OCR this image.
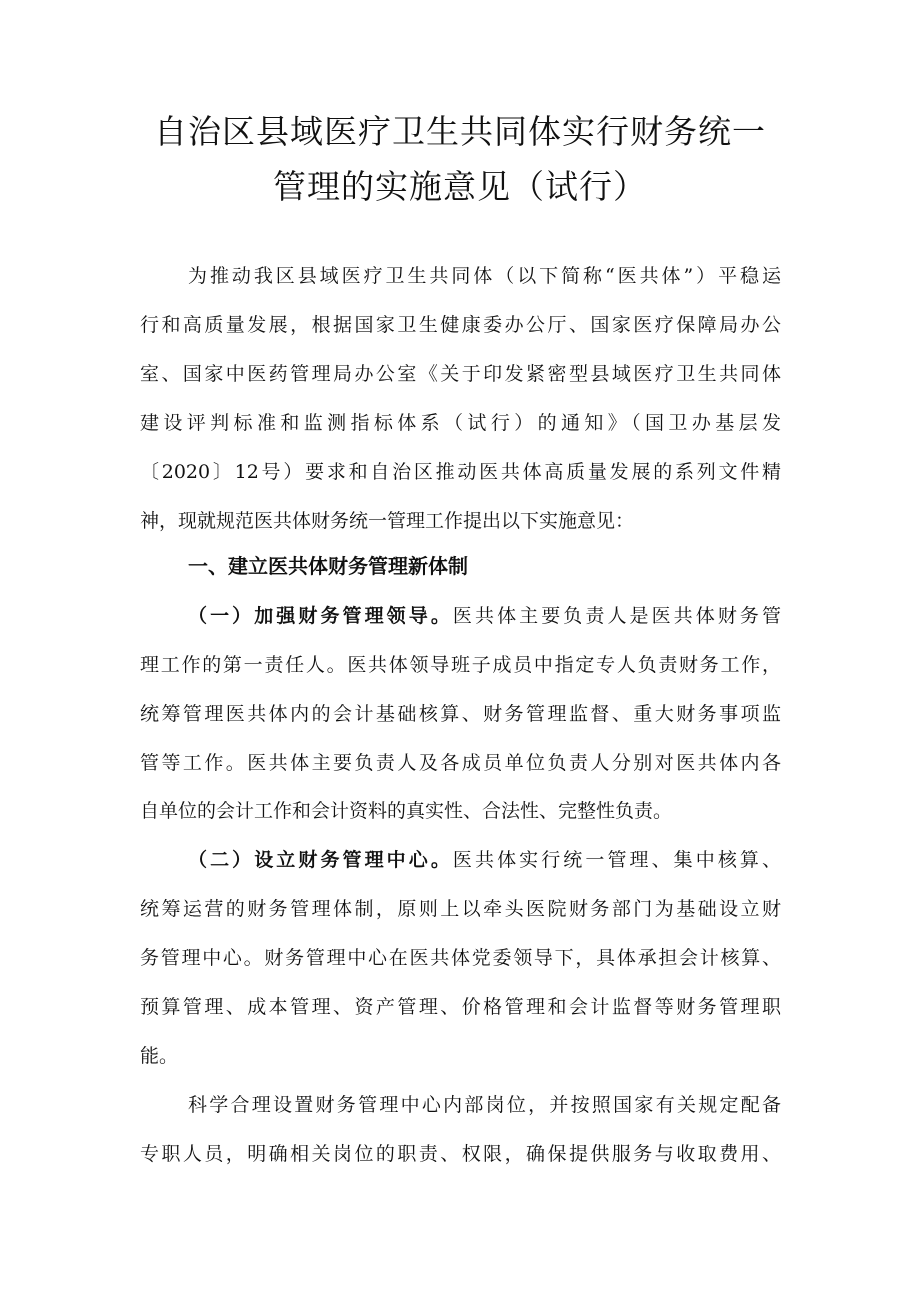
自治区县域医疗卫生共同体实行财务统一
管理的实施意见（试行）
为推动我区县域医疗卫生共同体（以下简称“医共体”）平稳运
行和高质量发展，根据国家卫生健康委办公厅、国家医疗保障局办公
室、国家中医药管理局办公室《关于印发紧密型县域医疗卫生共同体
建设评判标准和监测指标体系（试行）的通知》（国卫办基层发
〔2020〕12号）要求和自治区推动医共体高质量发展的系列文件精
神，现就规范医共体财务统一管理工作提出以下实施意见：
一、建立医共体财务管理新体制
（一）加强财务管理领导。医共体主要负责人是医共体财务管
理工作的第一责任人。医共体领导班子成员中指定专人负责财务工作，
统筹管理医共体内的会计基础核算、财务管理监督、重大财务事项监
管等工作。医共体主要负责人及各成员单位负责人分别对医共体内各
自单位的会计工作和会计资料的真实性、合法性、完整性负责。
（二）设立财务管理中心。医共体实行统一管理、集中核算、
统筹运营的财务管理体制，原则上以牵头医院财务部门为基础设立财
务管理中心。财务管理中心在医共体党委领导下，具体承担会计核算、
预算管理、成本管理、资产管理、价格管理和会计监督等财务管理职
能。
科学合理设置财务管理中心内部岗位，并按照国家有关规定配备
专职人员，明确相关岗位的职责、权限，确保提供服务与收取费用、
